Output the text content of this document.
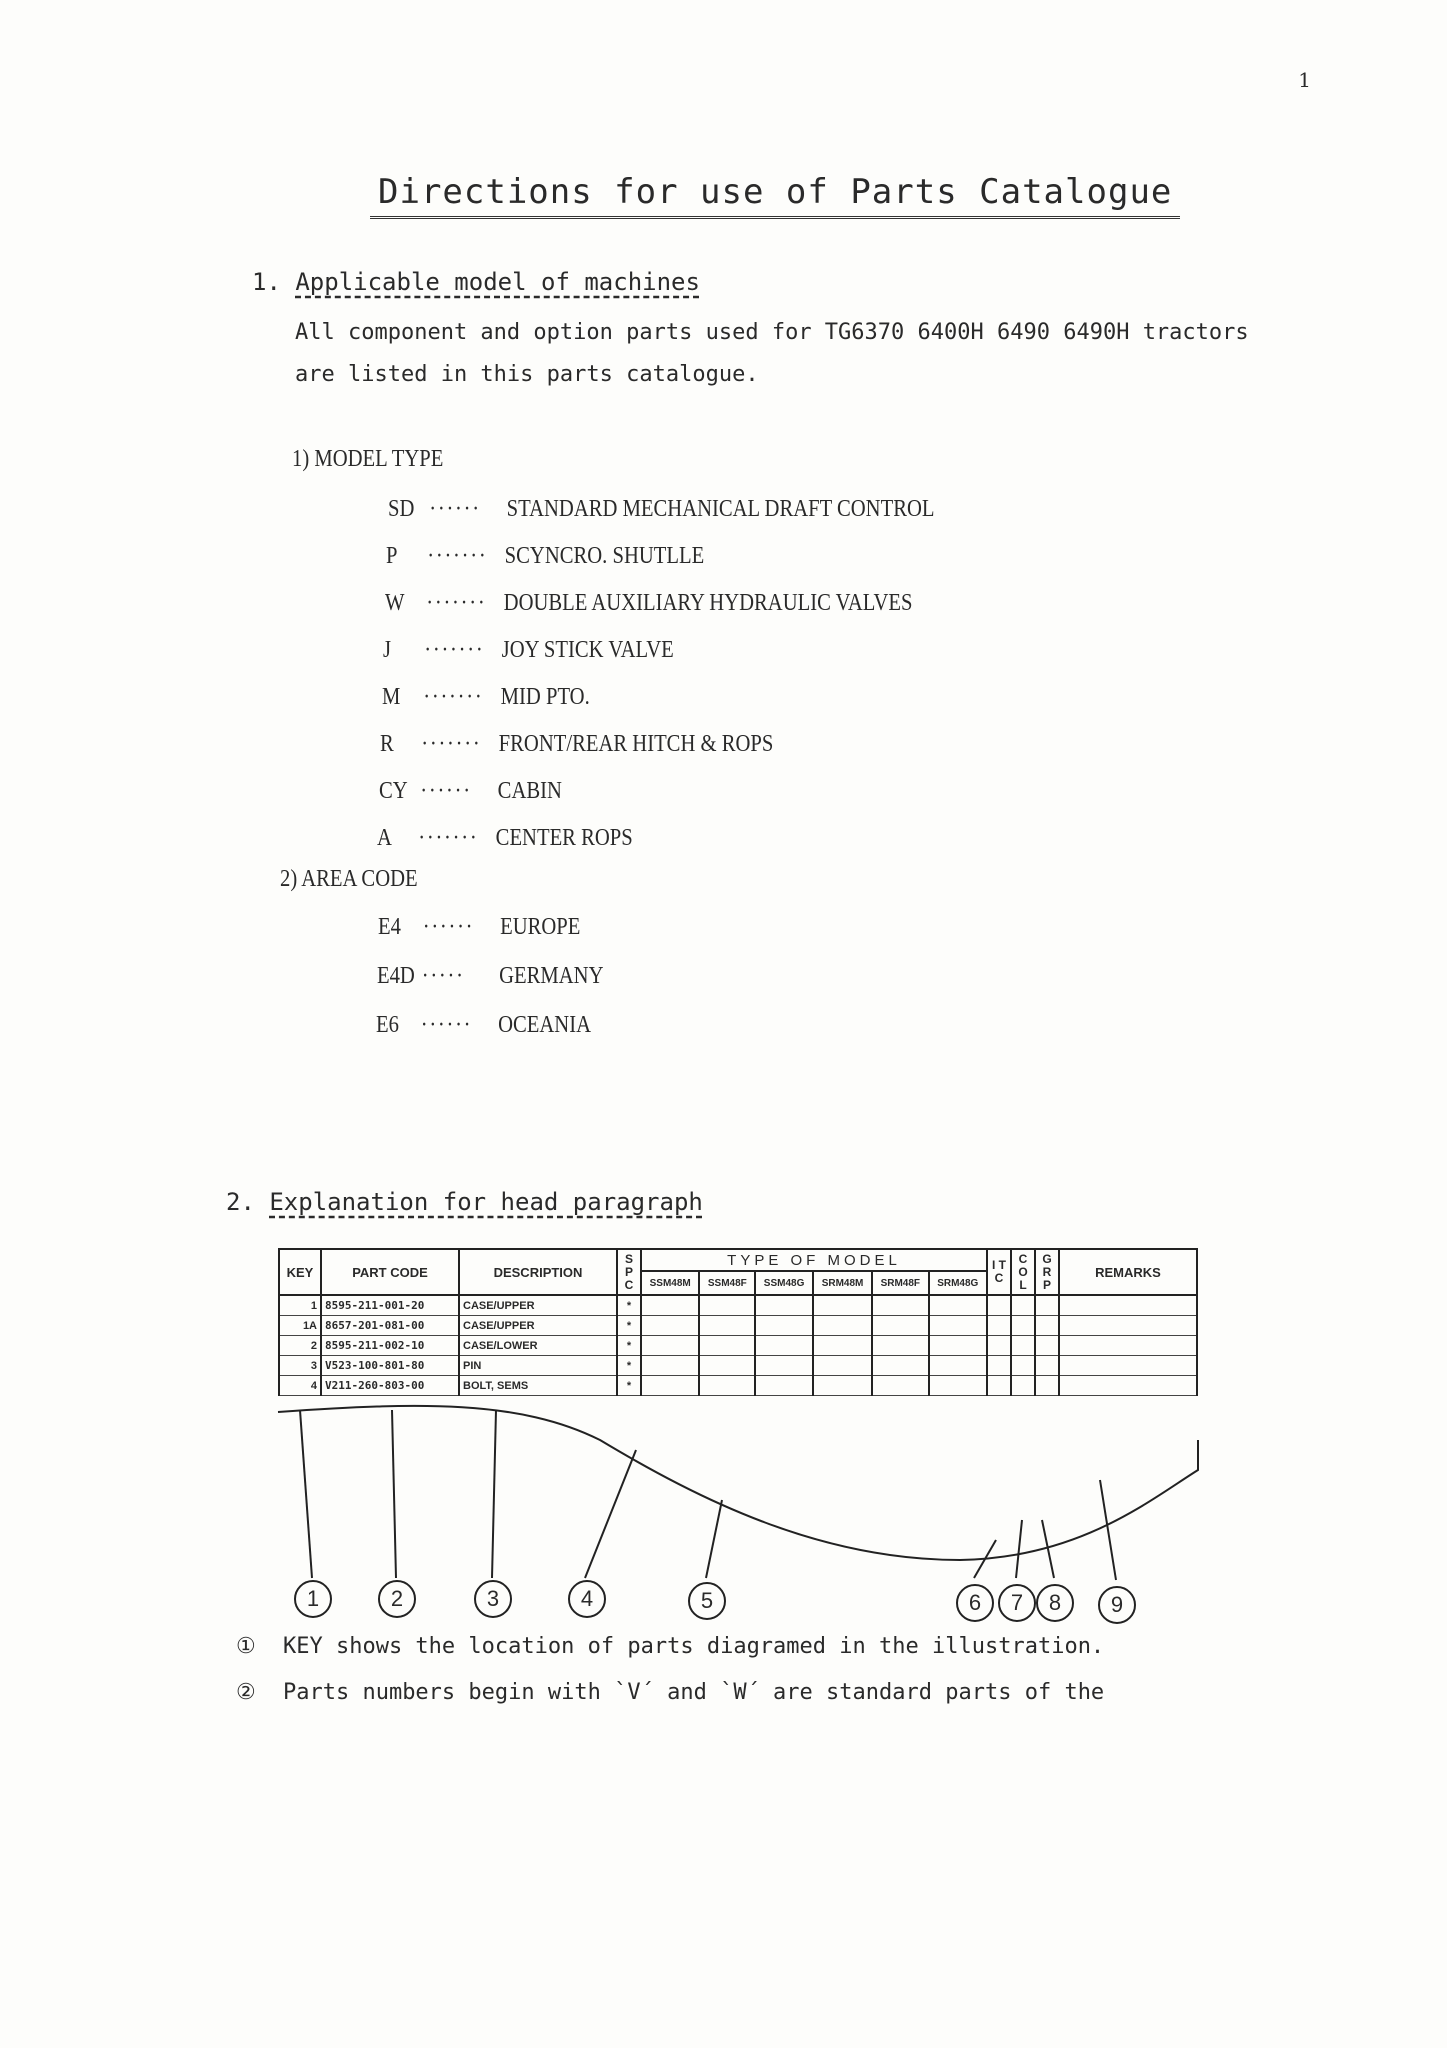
1
Directions for use of Parts Catalogue
1. Applicable model of machines
All component and option parts used for TG6370 6400H 6490 6490H tractors
are listed in this parts catalogue.
1) MODEL TYPE
SD ······ STANDARD MECHANICAL DRAFT CONTROL
P ······· SCYNCRO. SHUTLLE
W ······· DOUBLE AUXILIARY HYDRAULIC VALVES
J ······· JOY STICK VALVE
M ······· MID PTO.
R ······· FRONT/REAR HITCH & ROPS
CY ······ CABIN
A ······· CENTER ROPS
2) AREA CODE
E4 ······ EUROPE
E4D ····· GERMANY
E6 ······ OCEANIA
2. Explanation for head paragraph
KEY	PART CODE	DESCRIPTION	S P C	TYPE OF MODEL						I T C	C O L	G R P	REMARKS
				SSM48M	SSM48F	SSM48G	SRM48M	SRM48F	SRM48G				
1	8595-211-001-20	CASE/UPPER	*										
1A	8657-201-081-00	CASE/UPPER	*										
2	8595-211-002-10	CASE/LOWER	*										
3	V523-100-801-80	PIN	*										
4	V211-260-803-00	BOLT, SEMS	*										
1	2	3	4	5	6	7	8	9
① KEY shows the location of parts diagramed in the illustration.
② Parts numbers begin with `V´ and `W´ are standard parts of the
